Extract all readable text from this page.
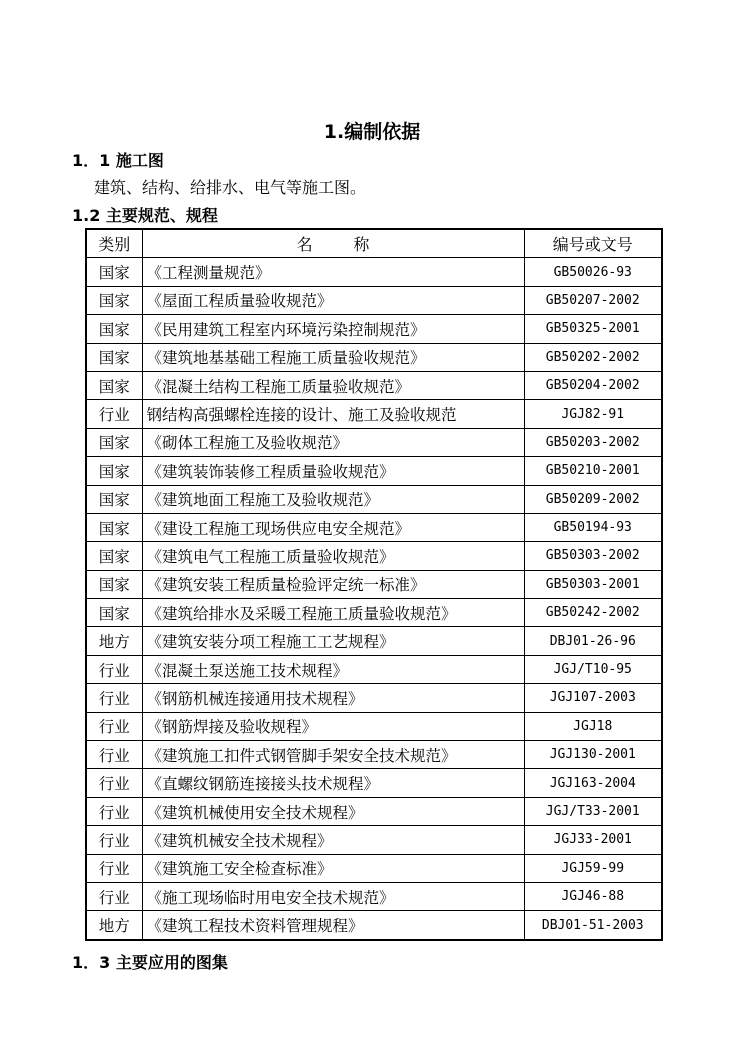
1.编制依据
1．1 施工图
建筑、结构、给排水、电气等施工图。
1.2 主要规范、规程
类别	名        称	编号或文号
国家	《工程测量规范》	GB50026-93
国家	《屋面工程质量验收规范》	GB50207-2002
国家	《民用建筑工程室内环境污染控制规范》	GB50325-2001
国家	《建筑地基基础工程施工质量验收规范》	GB50202-2002
国家	《混凝土结构工程施工质量验收规范》	GB50204-2002
行业	钢结构高强螺栓连接的设计、施工及验收规范	JGJ82-91
国家	《砌体工程施工及验收规范》	GB50203-2002
国家	《建筑装饰装修工程质量验收规范》	GB50210-2001
国家	《建筑地面工程施工及验收规范》	GB50209-2002
国家	《建设工程施工现场供应电安全规范》	GB50194-93
国家	《建筑电气工程施工质量验收规范》	GB50303-2002
国家	《建筑安装工程质量检验评定统一标准》	GB50303-2001
国家	《建筑给排水及采暖工程施工质量验收规范》	GB50242-2002
地方	《建筑安装分项工程施工工艺规程》	DBJ01-26-96
行业	《混凝土泵送施工技术规程》	JGJ/T10-95
行业	《钢筋机械连接通用技术规程》	JGJ107-2003
行业	《钢筋焊接及验收规程》	JGJ18
行业	《建筑施工扣件式钢管脚手架安全技术规范》	JGJ130-2001
行业	《直螺纹钢筋连接接头技术规程》	JGJ163-2004
行业	《建筑机械使用安全技术规程》	JGJ/T33-2001
行业	《建筑机械安全技术规程》	JGJ33-2001
行业	《建筑施工安全检查标准》	JGJ59-99
行业	《施工现场临时用电安全技术规范》	JGJ46-88
地方	《建筑工程技术资料管理规程》	DBJ01-51-2003
1．3 主要应用的图集
